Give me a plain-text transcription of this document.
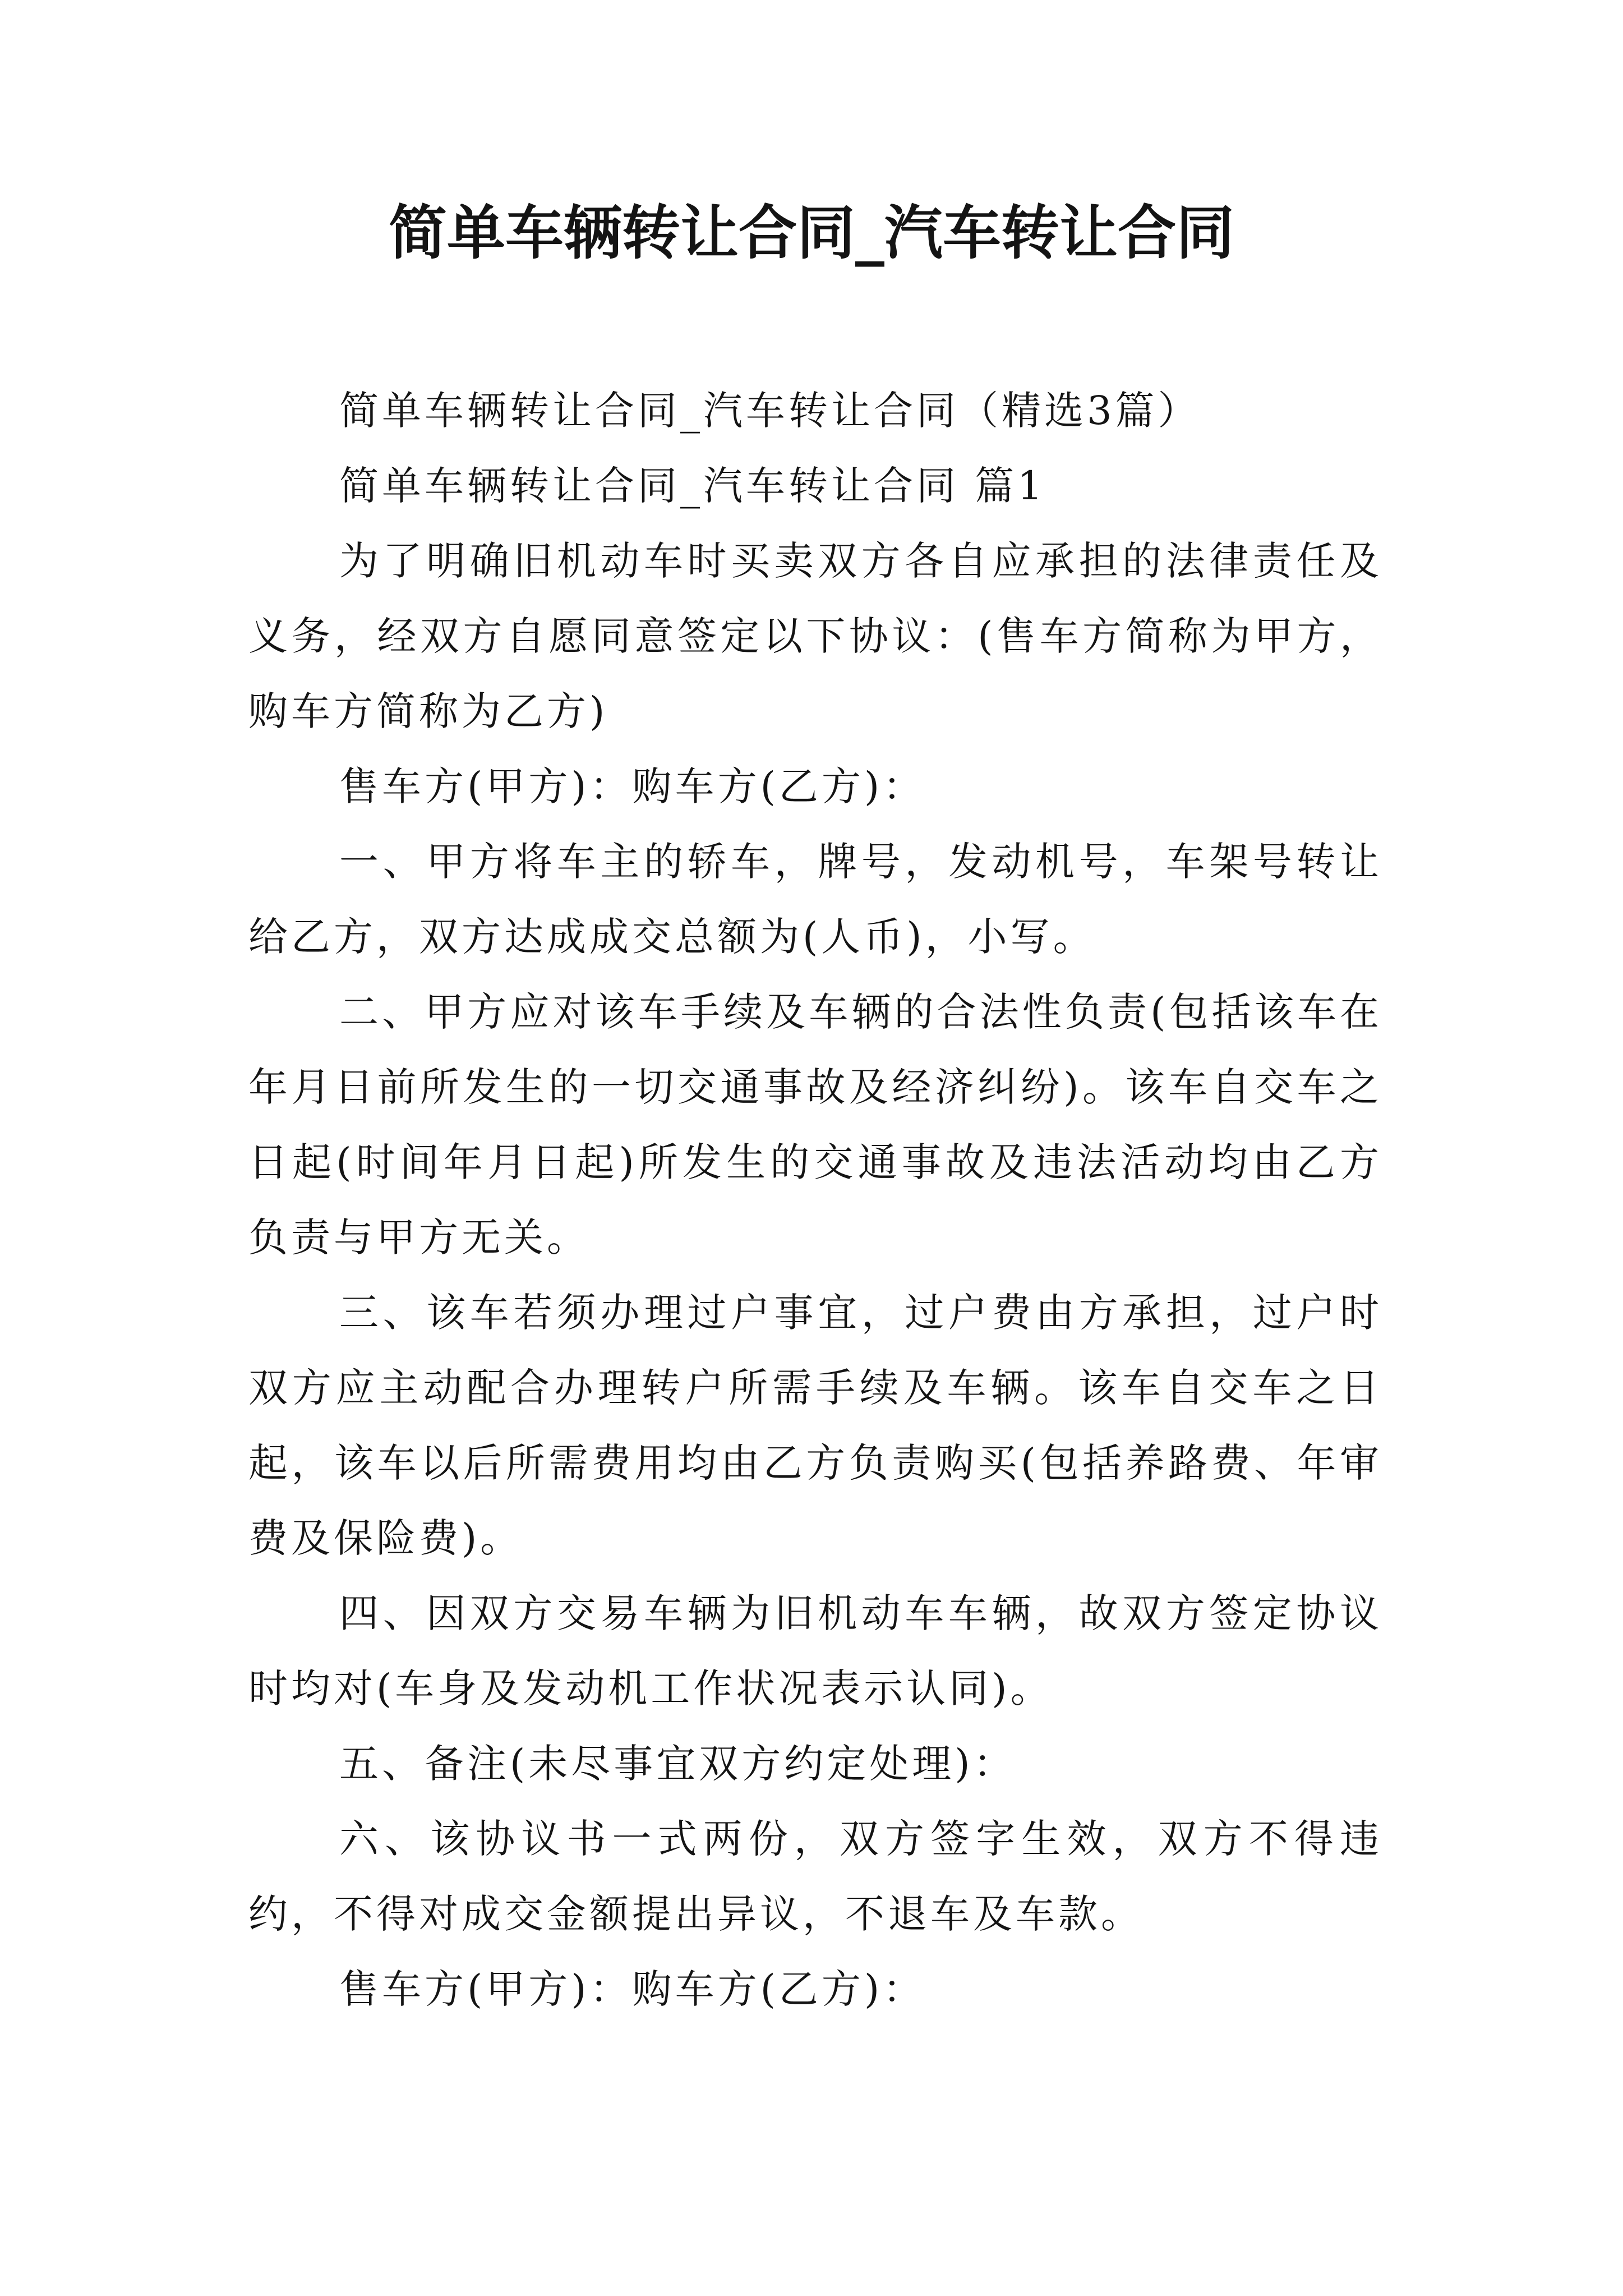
简单车辆转让合同_汽车转让合同

简单车辆转让合同_汽车转让合同（精选3篇）

简单车辆转让合同_汽车转让合同 篇1

为了明确旧机动车时买卖双方各自应承担的法律责任及义务，经双方自愿同意签定以下协议：(售车方简称为甲方，购车方简称为乙方)

售车方(甲方)：购车方(乙方)：

一、甲方将车主的轿车，牌号，发动机号，车架号转让给乙方，双方达成成交总额为(人币)，小写。

二、甲方应对该车手续及车辆的合法性负责(包括该车在年月日前所发生的一切交通事故及经济纠纷)。该车自交车之日起(时间年月日起)所发生的交通事故及违法活动均由乙方负责与甲方无关。

三、该车若须办理过户事宜，过户费由方承担，过户时双方应主动配合办理转户所需手续及车辆。该车自交车之日起，该车以后所需费用均由乙方负责购买(包括养路费、年审费及保险费)。

四、因双方交易车辆为旧机动车车辆，故双方签定协议时均对(车身及发动机工作状况表示认同)。

五、备注(未尽事宜双方约定处理)：

六、该协议书一式两份，双方签字生效，双方不得违约，不得对成交金额提出异议，不退车及车款。

售车方(甲方)：购车方(乙方)：
